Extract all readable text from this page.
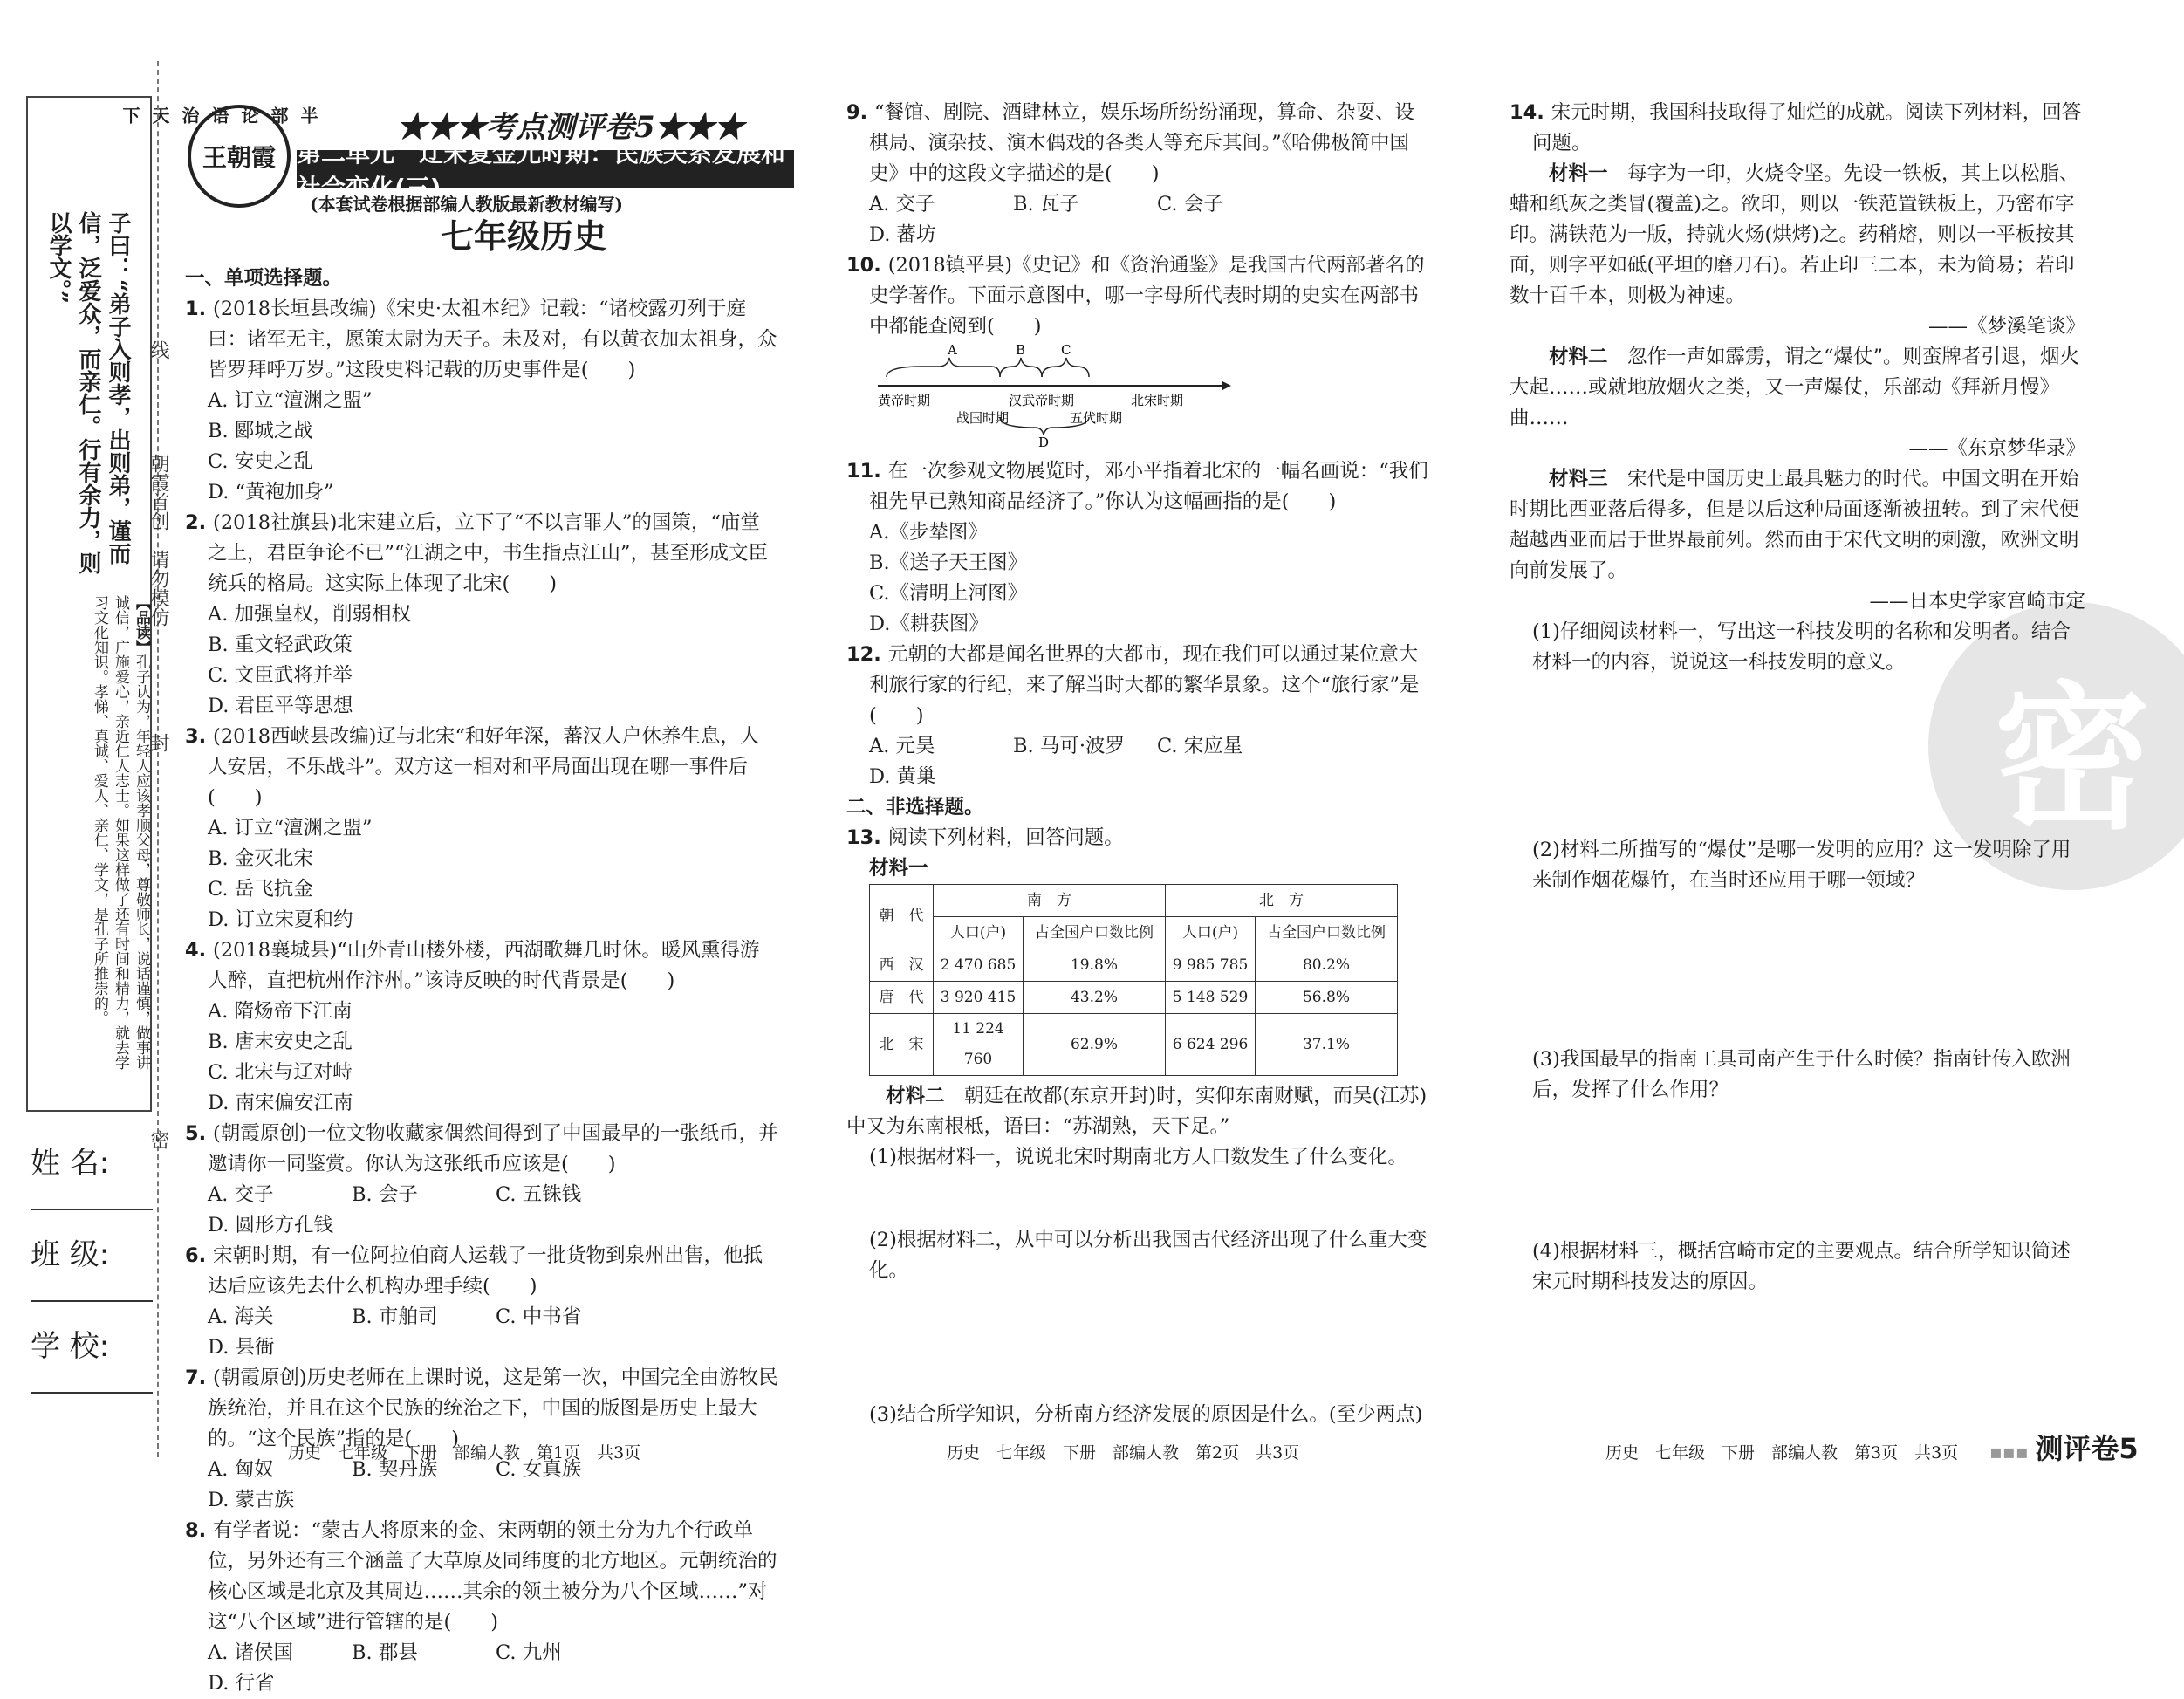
半部论语治天下
子曰：“弟子入则孝，出则弟，谨而信，泛爱众，而亲仁。行有余力，则以学文。”
【品读】孔子认为，年轻人应该孝顺父母，尊敬师长，说话谨慎，做事讲诚信，广施爱心，亲近仁人志士。如果这样做了还有时间和精力，就去学习文化知识。孝悌、真诚、爱人、亲仁、学文，是孔子所推崇的。
线
朝霞首创　请勿模仿
封
密
姓 名:
班 级:
学 校:
王朝霞
★★★考点测评卷5★★★
第二单元　辽宋夏金元时期：民族关系发展和社会变化(三)
(本套试卷根据部编人教版最新教材编写)
七年级历史

一、单项选择题。

1. (2018长垣县改编)《宋史·太祖本纪》记载：“诸校露刃列于庭曰：诸军无主，愿策太尉为天子。未及对，有以黄衣加太祖身，众皆罗拜呼万岁。”这段史料记载的历史事件是(　　)

A. 订立“澶渊之盟”
B. 郾城之战
C. 安史之乱
D. “黄袍加身”

2. (2018社旗县)北宋建立后，立下了“不以言罪人”的国策，“庙堂之上，君臣争论不已”“江湖之中，书生指点江山”，甚至形成文臣统兵的格局。这实际上体现了北宋(　　)

A. 加强皇权，削弱相权
B. 重文轻武政策
C. 文臣武将并举
D. 君臣平等思想

3. (2018西峡县改编)辽与北宋“和好年深，蕃汉人户休养生息，人人安居，不乐战斗”。双方这一相对和平局面出现在哪一事件后　　(　　)

A. 订立“澶渊之盟”
B. 金灭北宋
C. 岳飞抗金
D. 订立宋夏和约

4. (2018襄城县)“山外青山楼外楼，西湖歌舞几时休。暖风熏得游人醉，直把杭州作汴州。”该诗反映的时代背景是(　　)

A. 隋炀帝下江南
B. 唐末安史之乱
C. 北宋与辽对峙
D. 南宋偏安江南

5. (朝霞原创)一位文物收藏家偶然间得到了中国最早的一张纸币，并邀请你一同鉴赏。你认为这张纸币应该是(　　)

A. 交子	B. 会子	C. 五铢钱
D. 圆形方孔钱

6. 宋朝时期，有一位阿拉伯商人运载了一批货物到泉州出售，他抵达后应该先去什么机构办理手续(　　)

A. 海关	B. 市舶司	C. 中书省
D. 县衙

7. (朝霞原创)历史老师在上课时说，这是第一次，中国完全由游牧民族统治，并且在这个民族的统治之下，中国的版图是历史上最大的。“这个民族”指的是(　　)

A. 匈奴	B. 契丹族	C. 女真族
D. 蒙古族

8. 有学者说：“蒙古人将原来的金、宋两朝的领土分为九个行政单位，另外还有三个涵盖了大草原及同纬度的北方地区。元朝统治的核心区域是北京及其周边……其余的领土被分为八个区域……”对这“八个区域”进行管辖的是(　　)

A. 诸侯国	B. 郡县	C. 九州
D. 行省

9. “餐馆、剧院、酒肆林立，娱乐场所纷纷涌现，算命、杂耍、设棋局、演杂技、演木偶戏的各类人等充斥其间。”《哈佛极简中国史》中的这段文字描述的是(　　)

A. 交子	B. 瓦子	C. 会子
D. 蕃坊

10. (2018镇平县)《史记》和《资治通鉴》是我国古代两部著名的史学著作。下面示意图中，哪一字母所代表时期的史实在两部书中都能查阅到(　　)

A	B	C
D
黄帝时期
战国时期
汉武帝时期
五代时期
北宋时期

11. 在一次参观文物展览时，邓小平指着北宋的一幅名画说：“我们祖先早已熟知商品经济了。”你认为这幅画指的是(　　)

A.《步辇图》
B.《送子天王图》
C.《清明上河图》
D.《耕获图》

12. 元朝的大都是闻名世界的大都市，现在我们可以通过某位意大利旅行家的行纪，来了解当时大都的繁华景象。这个“旅行家”是　　(　　)

A. 元昊	B. 马可·波罗	C. 宋应星
D. 黄巢

二、非选择题。

13. 阅读下列材料，回答问题。

材料一

朝　代	南　方		北　方	
	人口(户)	占全国户口数比例	人口(户)	占全国户口数比例
西　汉	2 470 685	19.8%	9 985 785	80.2%
唐　代	3 920 415	43.2%	5 148 529	56.8%
北　宋	11 224 760	62.9%	6 624 296	37.1%

材料二　 朝廷在故都(东京开封)时，实仰东南财赋，而吴(江苏)中又为东南根柢，语曰：“苏湖熟，天下足。”

(1)根据材料一，说说北宋时期南北方人口数发生了什么变化。

(2)根据材料二，从中可以分析出我国古代经济出现了什么重大变化。

(3)结合所学知识，分析南方经济发展的原因是什么。(至少两点)

密

14. 宋元时期，我国科技取得了灿烂的成就。阅读下列材料，回答问题。

材料一　 每字为一印，火烧令坚。先设一铁板，其上以松脂、蜡和纸灰之类冒(覆盖)之。欲印，则以一铁范置铁板上，乃密布字印。满铁范为一版，持就火炀(烘烤)之。药稍熔，则以一平板按其面，则字平如砥(平坦的磨刀石)。若止印三二本，未为简易；若印数十百千本，则极为神速。

——《梦溪笔谈》

材料二　 忽作一声如霹雳，谓之“爆仗”。则蛮牌者引退，烟火大起……或就地放烟火之类，又一声爆仗，乐部动《拜新月慢》曲……

——《东京梦华录》

材料三　 宋代是中国历史上最具魅力的时代。中国文明在开始时期比西亚落后得多，但是以后这种局面逐渐被扭转。到了宋代便超越西亚而居于世界最前列。然而由于宋代文明的刺激，欧洲文明向前发展了。

——日本史学家宫崎市定

(1)仔细阅读材料一，写出这一科技发明的名称和发明者。结合材料一的内容，说说这一科技发明的意义。

(2)材料二所描写的“爆仗”是哪一发明的应用？这一发明除了用来制作烟花爆竹，在当时还应用于哪一领域？

(3)我国最早的指南工具司南产生于什么时候？指南针传入欧洲后，发挥了什么作用？

(4)根据材料三，概括宫崎市定的主要观点。结合所学知识简述宋元时期科技发达的原因。

历史　七年级　下册　部编人教　第1页　共3页	历史　七年级　下册　部编人教　第2页　共3页	历史　七年级　下册　部编人教　第3页　共3页 ▪▪▪ 测评卷5
